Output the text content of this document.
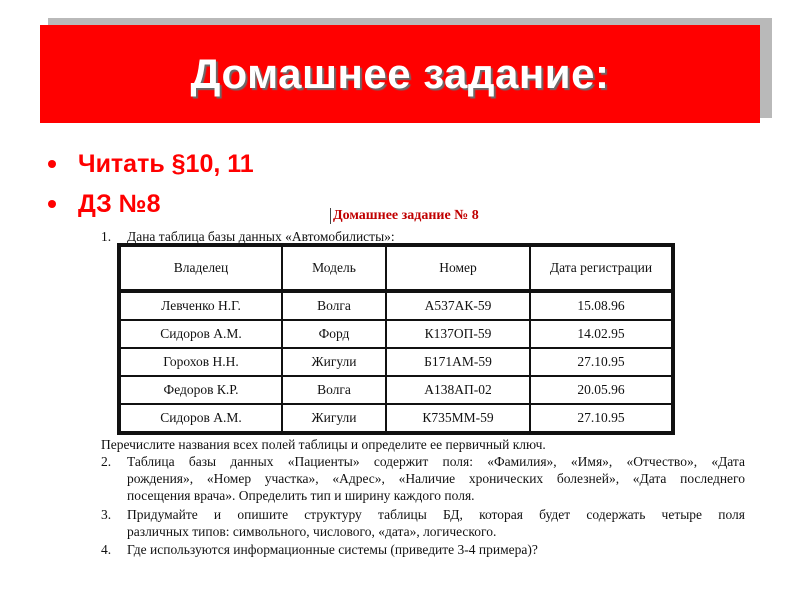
Домашнее задание:
Читать §10, 11
ДЗ №8	Домашнее задание № 8
1. Дана таблица базы данных «Автомобилисты»:
Владелец	Модель	Номер	Дата регистрации
Левченко Н.Г.	Волга	А537АК-59	15.08.96
Сидоров А.М.	Форд	К137ОП-59	14.02.95
Горохов Н.Н.	Жигули	Б171АМ-59	27.10.95
Федоров К.Р.	Волга	А138АП-02	20.05.96
Сидоров А.М.	Жигули	К735ММ-59	27.10.95
Перечислите названия всех полей таблицы и определите ее первичный ключ.
2. Таблица базы данных «Пациенты» содержит поля: «Фамилия», «Имя», «Отчество», «Дата
рождения», «Номер участка», «Адрес», «Наличие хронических болезней», «Дата последнего
посещения врача». Определить тип и ширину каждого поля.
3. Придумайте и опишите структуру таблицы БД, которая будет содержать четыре поля
различных типов: символьного, числового, «дата», логического.
4. Где используются информационные системы (приведите 3-4 примера)?
